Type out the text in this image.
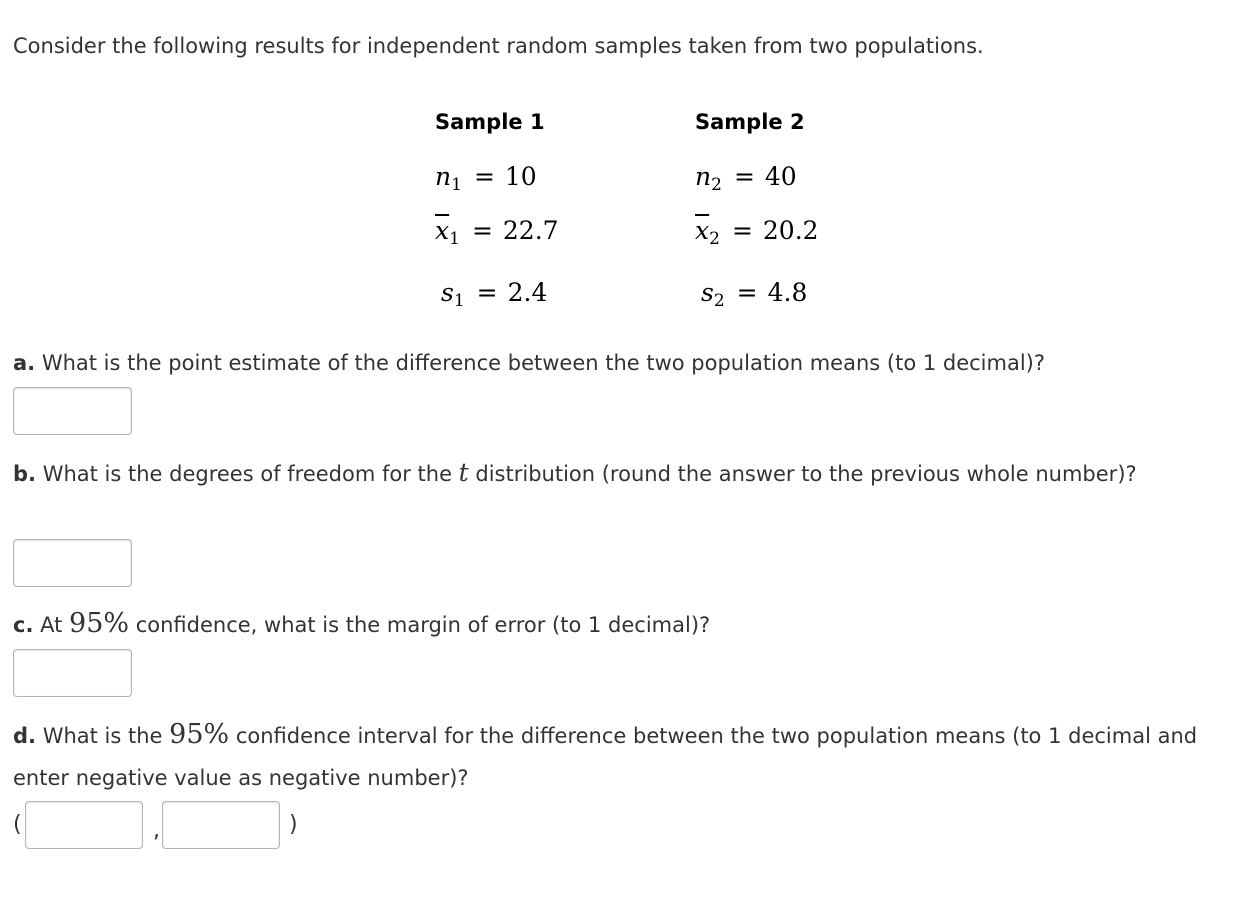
Consider the following results for independent random samples taken from two populations.

Sample 1
$n_1 = 10$
$\overline{x}_1 = 22.7$
$s_1 = 2.4$
Sample 2
$n_2 = 40$
$\overline{x}_2 = 20.2$
$s_2 = 4.8$

a. What is the point estimate of the difference between the two population means (to 1 decimal)?

b. What is the degrees of freedom for the t distribution (round the answer to the previous whole number)?

c. At 95% confidence, what is the margin of error (to 1 decimal)?

d. What is the 95% confidence interval for the difference between the two population means (to 1 decimal and enter negative value as negative number)?

(	,	)
